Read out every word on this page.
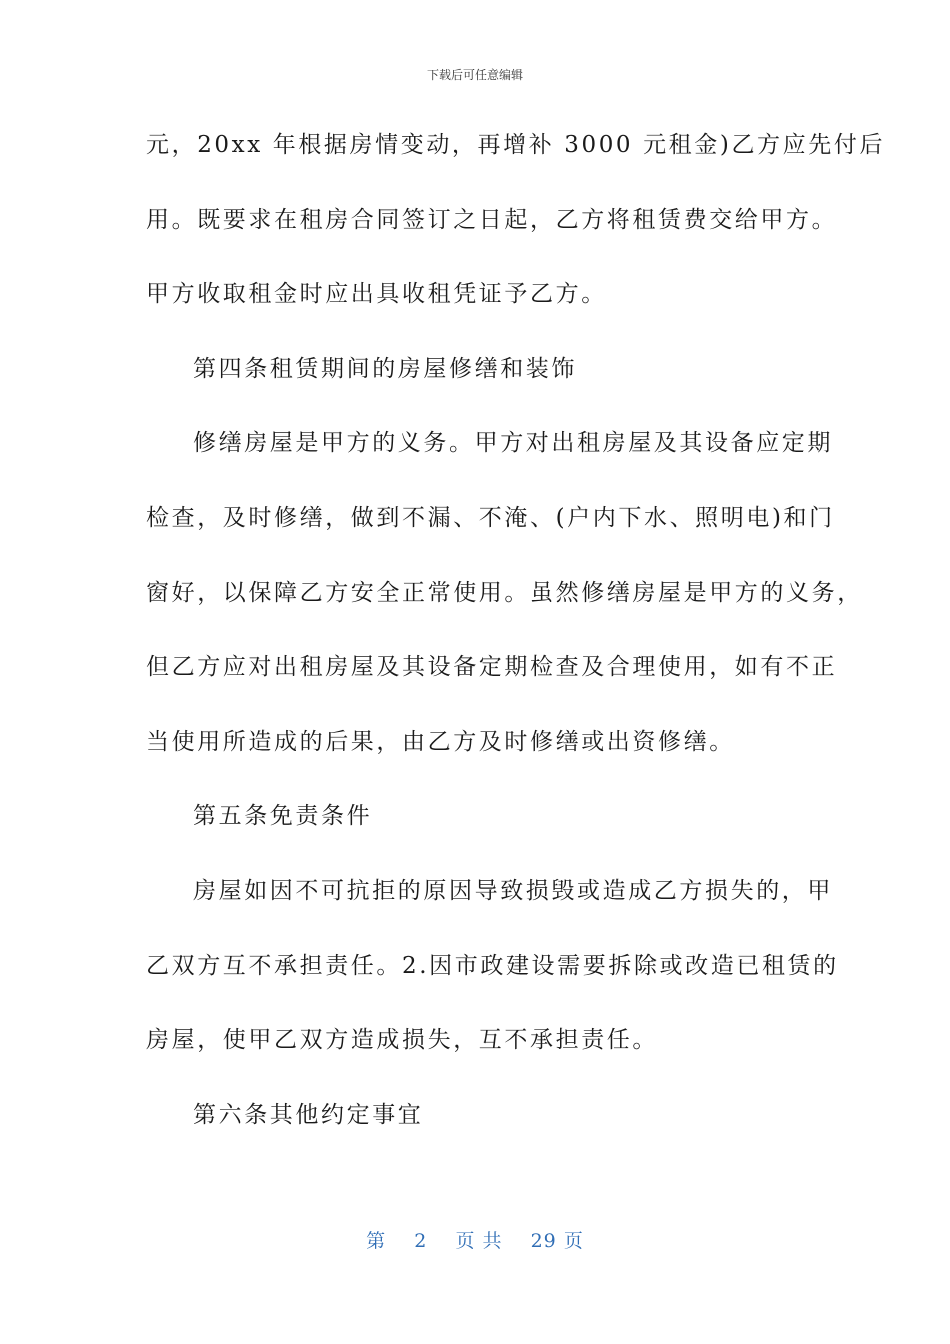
下载后可任意编辑
元，20xx 年根据房情变动，再增补 3000 元租金)乙方应先付后
用。既要求在租房合同签订之日起，乙方将租赁费交给甲方。
甲方收取租金时应出具收租凭证予乙方。
第四条租赁期间的房屋修缮和装饰
修缮房屋是甲方的义务。甲方对出租房屋及其设备应定期
检查，及时修缮，做到不漏、不淹、(户内下水、照明电)和门
窗好，以保障乙方安全正常使用。虽然修缮房屋是甲方的义务，
但乙方应对出租房屋及其设备定期检查及合理使用，如有不正
当使用所造成的后果，由乙方及时修缮或出资修缮。
第五条免责条件
房屋如因不可抗拒的原因导致损毁或造成乙方损失的，甲
乙双方互不承担责任。2.因市政建设需要拆除或改造已租赁的
房屋，使甲乙双方造成损失，互不承担责任。
第六条其他约定事宜
第 2 页 共 29 页
